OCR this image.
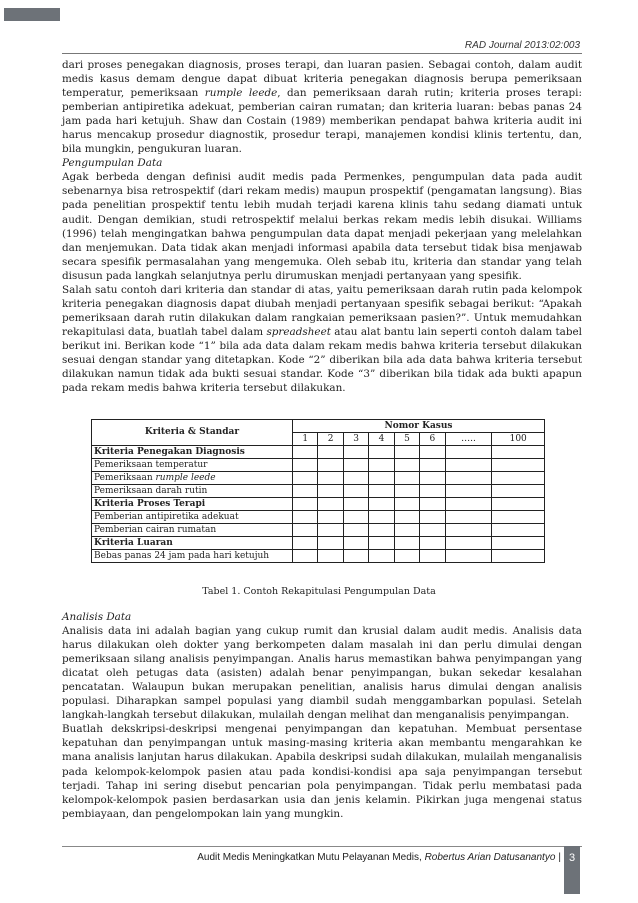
RAD Journal 2013:02:003

dari proses penegakan diagnosis, proses terapi, dan luaran pasien. Sebagai contoh, dalam audit medis kasus demam dengue dapat dibuat kriteria penegakan diagnosis berupa pemeriksaan temperatur, pemeriksaan rumple leede, dan pemeriksaan darah rutin; kriteria proses terapi: pemberian antipiretika adekuat, pemberian cairan rumatan; dan kriteria luaran: bebas panas 24 jam pada hari ketujuh. Shaw dan Costain (1989) memberikan pendapat bahwa kriteria audit ini harus mencakup prosedur diagnostik, prosedur terapi, manajemen kondisi klinis tertentu, dan, bila mungkin, pengukuran luaran.

Pengumpulan Data

Agak berbeda dengan definisi audit medis pada Permenkes, pengumpulan data pada audit sebenarnya bisa retrospektif (dari rekam medis) maupun prospektif (pengamatan langsung). Bias pada penelitian prospektif tentu lebih mudah terjadi karena klinis tahu sedang diamati untuk audit. Dengan demikian, studi retrospektif melalui berkas rekam medis lebih disukai. Williams (1996) telah mengingatkan bahwa pengumpulan data dapat menjadi pekerjaan yang melelahkan dan menjemukan. Data tidak akan menjadi informasi apabila data tersebut tidak bisa menjawab secara spesifik permasalahan yang mengemuka. Oleh sebab itu, kriteria dan standar yang telah disusun pada langkah selanjutnya perlu dirumuskan menjadi pertanyaan yang spesifik.

Salah satu contoh dari kriteria dan standar di atas, yaitu pemeriksaan darah rutin pada kelompok kriteria penegakan diagnosis dapat diubah menjadi pertanyaan spesifik sebagai berikut: “Apakah pemeriksaan darah rutin dilakukan dalam rangkaian pemeriksaan pasien?”. Untuk memudahkan rekapitulasi data, buatlah tabel dalam spreadsheet atau alat bantu lain seperti contoh dalam tabel berikut ini. Berikan kode “1” bila ada data dalam rekam medis bahwa kriteria tersebut dilakukan sesuai dengan standar yang ditetapkan. Kode “2” diberikan bila ada data bahwa kriteria tersebut dilakukan namun tidak ada bukti sesuai standar. Kode “3” diberikan bila tidak ada bukti apapun pada rekam medis bahwa kriteria tersebut dilakukan.

Kriteria & Standar	Nomor Kasus							
	1	2	3	4	5	6	…..	100
Kriteria Penegakan Diagnosis								
Pemeriksaan temperatur								
Pemeriksaan rumple leede								
Pemeriksaan darah rutin								
Kriteria Proses Terapi								
Pemberian antipiretika adekuat								
Pemberian cairan rumatan								
Kriteria Luaran								
Bebas panas 24 jam pada hari ketujuh								
Tabel 1. Contoh Rekapitulasi Pengumpulan Data

Analisis Data

Analisis data ini adalah bagian yang cukup rumit dan krusial dalam audit medis. Analisis data harus dilakukan oleh dokter yang berkompeten dalam masalah ini dan perlu dimulai dengan pemeriksaan silang analisis penyimpangan. Analis harus memastikan bahwa penyimpangan yang dicatat oleh petugas data (asisten) adalah benar penyimpangan, bukan sekedar kesalahan pencatatan. Walaupun bukan merupakan penelitian, analisis harus dimulai dengan analisis populasi. Diharapkan sampel populasi yang diambil sudah menggambarkan populasi. Setelah langkah-langkah tersebut dilakukan, mulailah dengan melihat dan menganalisis penyimpangan.

Buatlah dekskripsi-deskripsi mengenai penyimpangan dan kepatuhan. Membuat persentase kepatuhan dan penyimpangan untuk masing-masing kriteria akan membantu mengarahkan ke mana analisis lanjutan harus dilakukan. Apabila deskripsi sudah dilakukan, mulailah menganalisis pada kelompok-kelompok pasien atau pada kondisi-kondisi apa saja penyimpangan tersebut terjadi. Tahap ini sering disebut pencarian pola penyimpangan. Tidak perlu membatasi pada kelompok-kelompok pasien berdasarkan usia dan jenis kelamin. Pikirkan juga mengenai status pembiayaan, dan pengelompokan lain yang mungkin.

Audit Medis Meningkatkan Mutu Pelayanan Medis, Robertus Arian Datusanantyo | 3
